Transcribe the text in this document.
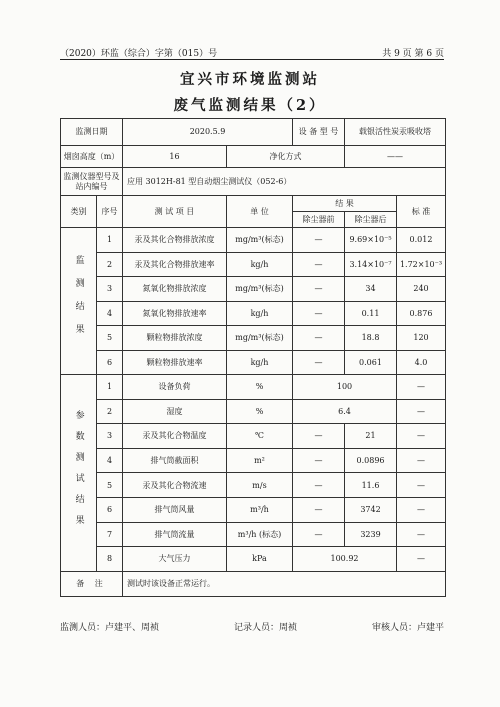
（2020）环监（综合）字第（015）号	共 9 页 第 6 页
宜兴市环境监测站
废气监测结果（2）
监测日期		2020.5.9		设 备 型 号	载银活性炭汞吸收塔	
烟囱高度（m）		16	净化方式		——	
监测仪器型号及站内编号		应用 3012H-81 型自动烟尘测试仪（052-6）				
类别	序号	测 试 项 目	单 位	结 果		标 准
				除尘器前	除尘器后	
监测结果	1	汞及其化合物排放浓度	mg/m³(标态)	—	9.69×10⁻⁵	0.012
	2	汞及其化合物排放速率	kg/h	—	3.14×10⁻⁷	1.72×10⁻³
	3	氮氧化物排放浓度	mg/m³(标态)	—	34	240
	4	氮氧化物排放速率	kg/h	—	0.11	0.876
	5	颗粒物排放浓度	mg/m³(标态)	—	18.8	120
	6	颗粒物排放速率	kg/h	—	0.061	4.0
参数测试结果	1	设备负荷	%	100		—
	2	湿度	%	6.4		—
	3	汞及其化合物温度	℃	—	21	—
	4	排气筒截面积	m²	—	0.0896	—
	5	汞及其化合物流速	m/s	—	11.6	—
	6	排气筒风量	m³/h	—	3742	—
	7	排气筒流量	m³/h (标态)	—	3239	—
	8	大气压力	kPa	100.92		—
备 注		测试时该设备正常运行。				
监测人员：卢建平、周祯	记录人员：周祯	审核人员：卢建平
